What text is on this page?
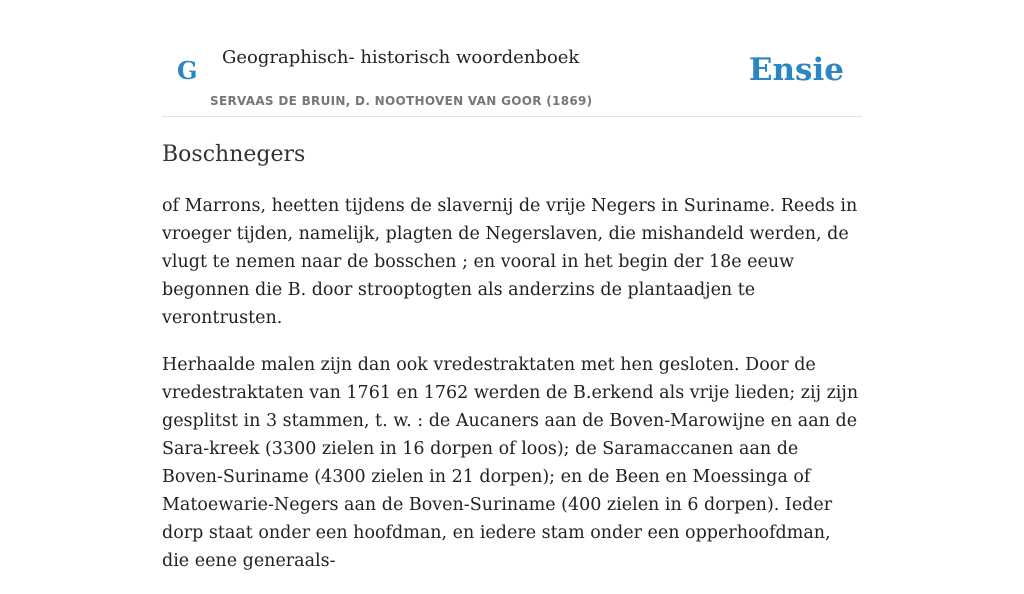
G Geographisch- historisch woordenboek
SERVAAS DE BRUIN, D. NOOTHOVEN VAN GOOR (1869)
Ensie
Boschnegers

of Marrons, heetten tijdens de slavernij de vrije Negers in Suriname. Reeds in vroeger tijden, namelijk, plagten de Negerslaven, die mishandeld werden, de vlugt te nemen naar de bosschen ; en vooral in het begin der 18e eeuw begonnen die B. door strooptogten als anderzins de plantaadjen te verontrusten.

Herhaalde malen zijn dan ook vredestraktaten met hen gesloten. Door de vredestraktaten van 1761 en 1762 werden de B.erkend als vrije lieden; zij zijn gesplitst in 3 stammen, t. w. : de Aucaners aan de Boven-Marowijne en aan de Sara-kreek (3300 zielen in 16 dorpen of loos); de Saramaccanen aan de Boven-Suriname (4300 zielen in 21 dorpen); en de Been en Moessinga of Matoewarie-Negers aan de Boven-Suriname (400 zielen in 6 dorpen). Ieder dorp staat onder een hoofdman, en iedere stam onder een opperhoofdman, die eene generaals-
